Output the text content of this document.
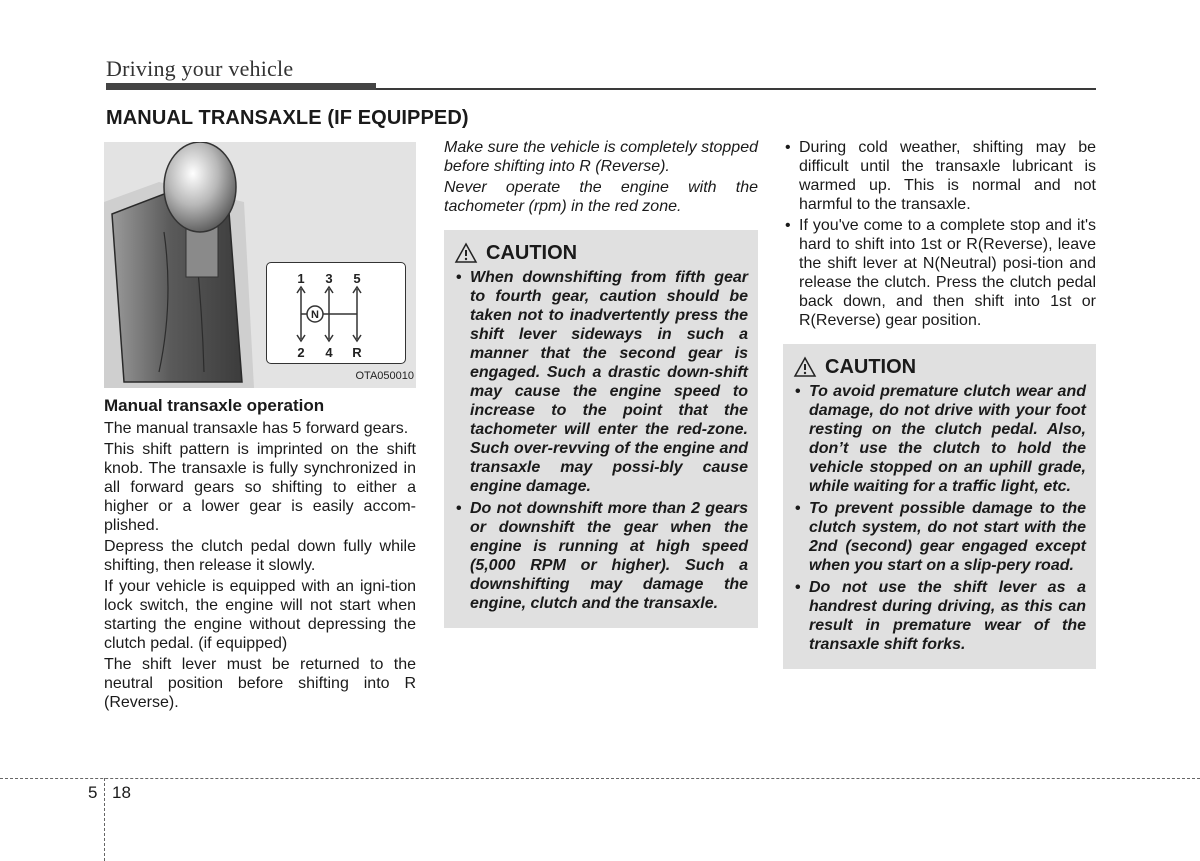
Driving your vehicle
MANUAL TRANSAXLE (IF EQUIPPED)
1 3 5
2 4 R
N
OTA050010
Manual transaxle operation

The manual transaxle has 5 forward gears.

This shift pattern is imprinted on the shift knob. The transaxle is fully synchronized in all forward gears so shifting to either a higher or a lower gear is easily accom-plished.

Depress the clutch pedal down fully while shifting, then release it slowly.

If your vehicle is equipped with an igni-tion lock switch, the engine will not start when starting the engine without depressing the clutch pedal. (if equipped)

The shift lever must be returned to the neutral position before shifting into R (Reverse).

Make sure the vehicle is completely stopped before shifting into R (Reverse).

Never operate the engine with the tachometer (rpm) in the red zone.

CAUTION
• When downshifting from fifth gear to fourth gear, caution should be taken not to inadvertently press the shift lever sideways in such a manner that the second gear is engaged. Such a drastic down-shift may cause the engine speed to increase to the point that the tachometer will enter the red-zone. Such over-revving of the engine and transaxle may possi-bly cause engine damage.
• Do not downshift more than 2 gears or downshift the gear when the engine is running at high speed (5,000 RPM or higher). Such a downshifting may damage the engine, clutch and the transaxle.
• During cold weather, shifting may be difficult until the transaxle lubricant is warmed up. This is normal and not harmful to the transaxle.
• If you've come to a complete stop and it's hard to shift into 1st or R(Reverse), leave the shift lever at N(Neutral) posi-tion and release the clutch. Press the clutch pedal back down, and then shift into 1st or R(Reverse) gear position.
CAUTION
• To avoid premature clutch wear and damage, do not drive with your foot resting on the clutch pedal. Also, don’t use the clutch to hold the vehicle stopped on an uphill grade, while waiting for a traffic light, etc.
• To prevent possible damage to the clutch system, do not start with the 2nd (second) gear engaged except when you start on a slip-pery road.
• Do not use the shift lever as a handrest during driving, as this can result in premature wear of the transaxle shift forks.
5 18
